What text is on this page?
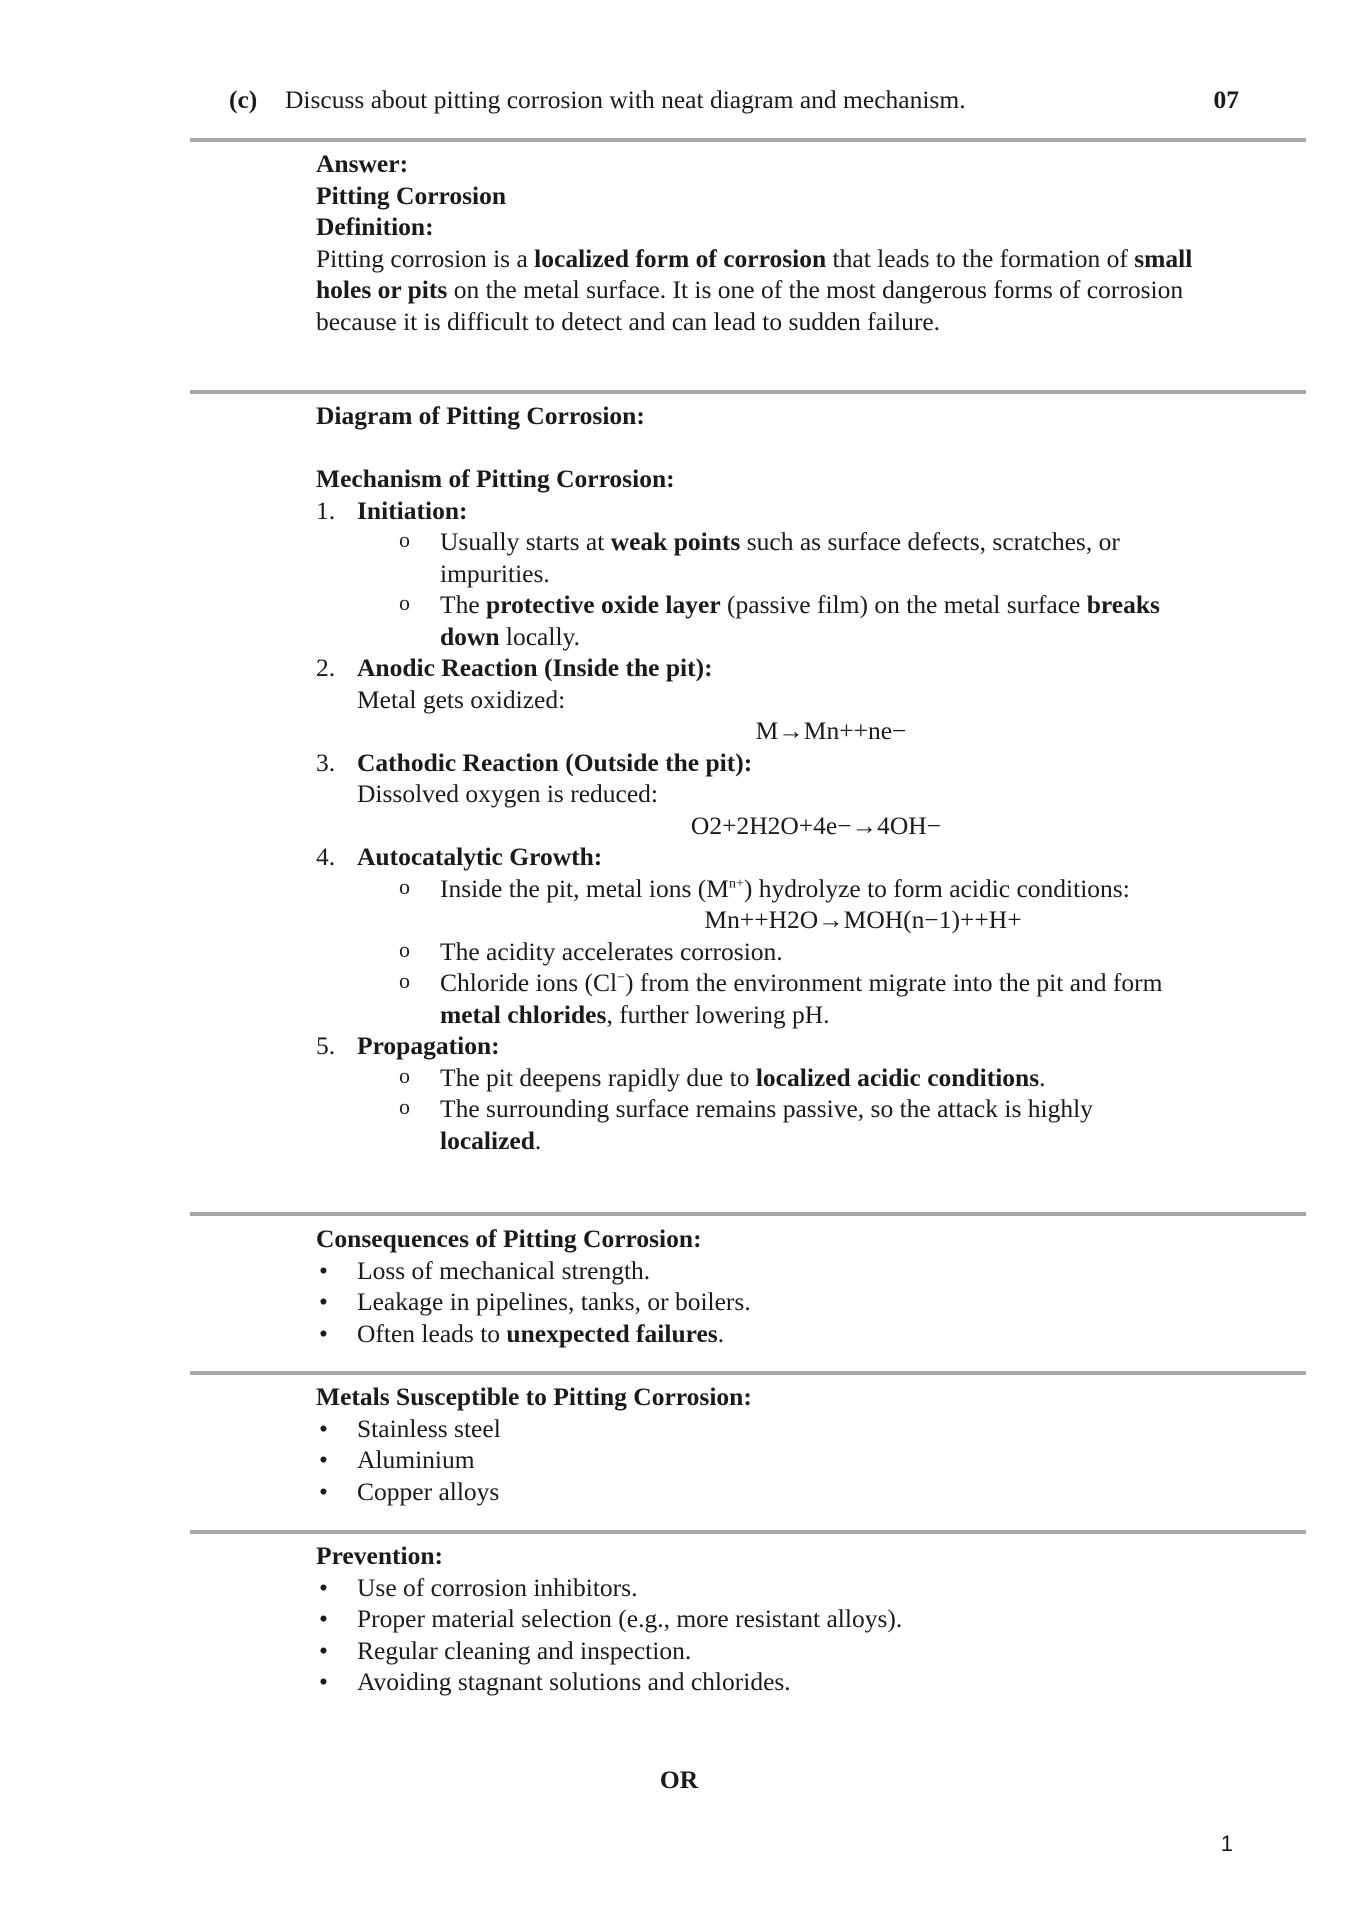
(c) Discuss about pitting corrosion with neat diagram and mechanism.	07
Answer:
Pitting Corrosion
Definition:

Pitting corrosion is a localized form of corrosion that leads to the formation of small holes or pits on the metal surface. It is one of the most dangerous forms of corrosion because it is difficult to detect and can lead to sudden failure.

Diagram of Pitting Corrosion:

Mechanism of Pitting Corrosion:
1. Initiation:
o Usually starts at weak points such as surface defects, scratches, or impurities.
o The protective oxide layer (passive film) on the metal surface breaks down locally.
2. Anodic Reaction (Inside the pit):
Metal gets oxidized:
M→Mn++ne−
3. Cathodic Reaction (Outside the pit):
Dissolved oxygen is reduced:
O2+2H2O+4e−→4OH−
4. Autocatalytic Growth:
o Inside the pit, metal ions $(M^{n+})$ hydrolyze to form acidic conditions:
Mn++H2O→MOH(n−1)++H+
o The acidity accelerates corrosion.
o Chloride ions (Cl−) from the environment migrate into the pit and form metal chlorides, further lowering pH.
5. Propagation:
o The pit deepens rapidly due to localized acidic conditions.
o The surrounding surface remains passive, so the attack is highly localized.
Consequences of Pitting Corrosion:
• Loss of mechanical strength.
• Leakage in pipelines, tanks, or boilers.
• Often leads to unexpected failures.
Metals Susceptible to Pitting Corrosion:
• Stainless steel
• Aluminium
• Copper alloys
Prevention:
• Use of corrosion inhibitors.
• Proper material selection (e.g., more resistant alloys).
• Regular cleaning and inspection.
• Avoiding stagnant solutions and chlorides.
OR
1
